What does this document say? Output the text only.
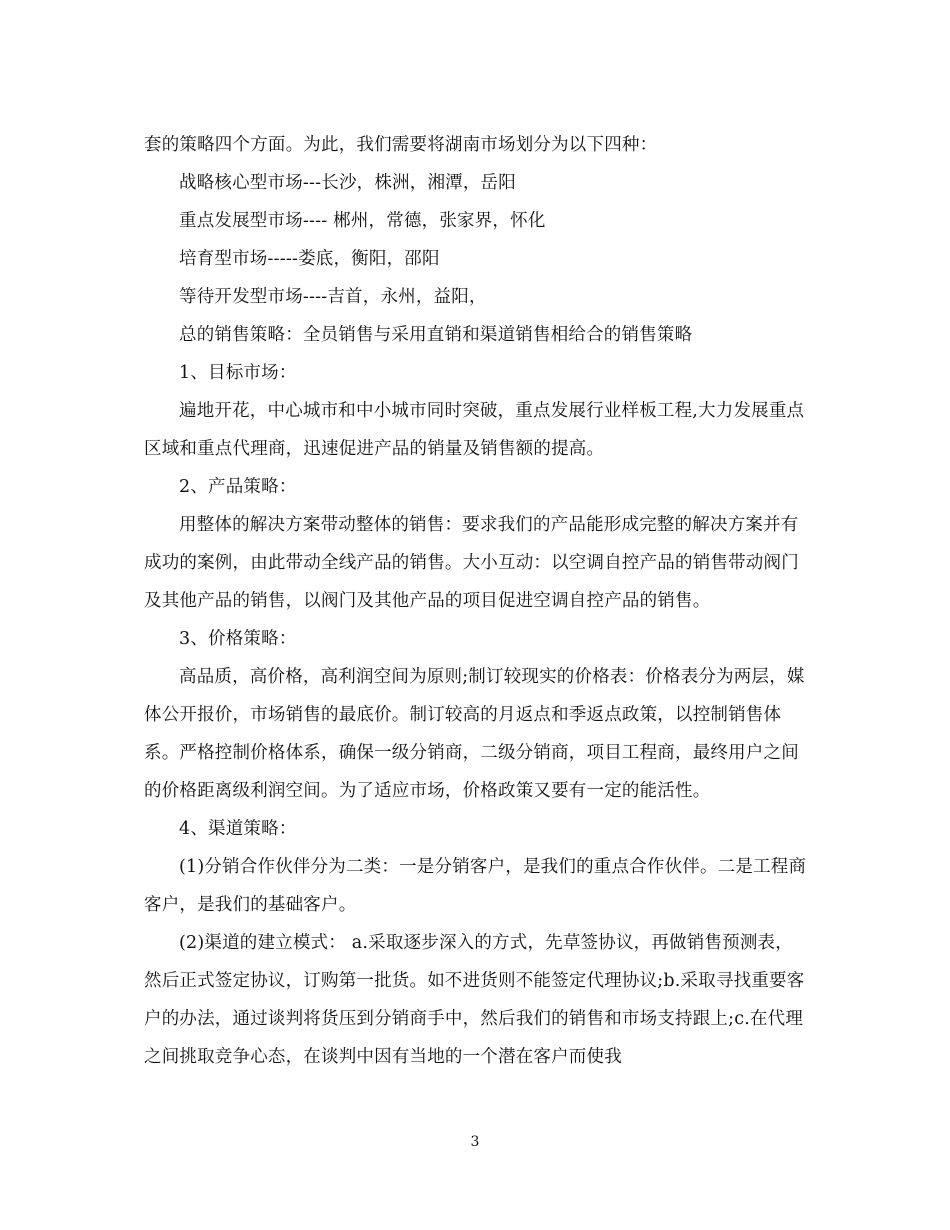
套的策略四个方面。为此，我们需要将湖南市场划分为以下四种：

战略核心型市场---长沙，株洲，湘潭，岳阳

重点发展型市场---- 郴州，常德，张家界，怀化

培育型市场-----娄底，衡阳，邵阳

等待开发型市场----吉首，永州，益阳，

总的销售策略：全员销售与采用直销和渠道销售相给合的销售策略

1、目标市场：

遍地开花，中心城市和中小城市同时突破，重点发展行业样板工程,大力发展重点区域和重点代理商，迅速促进产品的销量及销售额的提高。

2、产品策略：

用整体的解决方案带动整体的销售：要求我们的产品能形成完整的解决方案并有成功的案例，由此带动全线产品的销售。大小互动：以空调自控产品的销售带动阀门及其他产品的销售，以阀门及其他产品的项目促进空调自控产品的销售。

3、价格策略：

高品质，高价格，高利润空间为原则;制订较现实的价格表：价格表分为两层，媒体公开报价，市场销售的最底价。制订较高的月返点和季返点政策，以控制销售体系。严格控制价格体系，确保一级分销商，二级分销商，项目工程商，最终用户之间的价格距离级利润空间。为了适应市场，价格政策又要有一定的能活性。

4、渠道策略：

(1)分销合作伙伴分为二类：一是分销客户，是我们的重点合作伙伴。二是工程商客户，是我们的基础客户。

(2)渠道的建立模式： a.采取逐步深入的方式，先草签协议，再做销售预测表，然后正式签定协议，订购第一批货。如不进货则不能签定代理协议;b.采取寻找重要客户的办法，通过谈判将货压到分销商手中，然后我们的销售和市场支持跟上;c.在代理之间挑取竞争心态，在谈判中因有当地的一个潜在客户而使我

3
